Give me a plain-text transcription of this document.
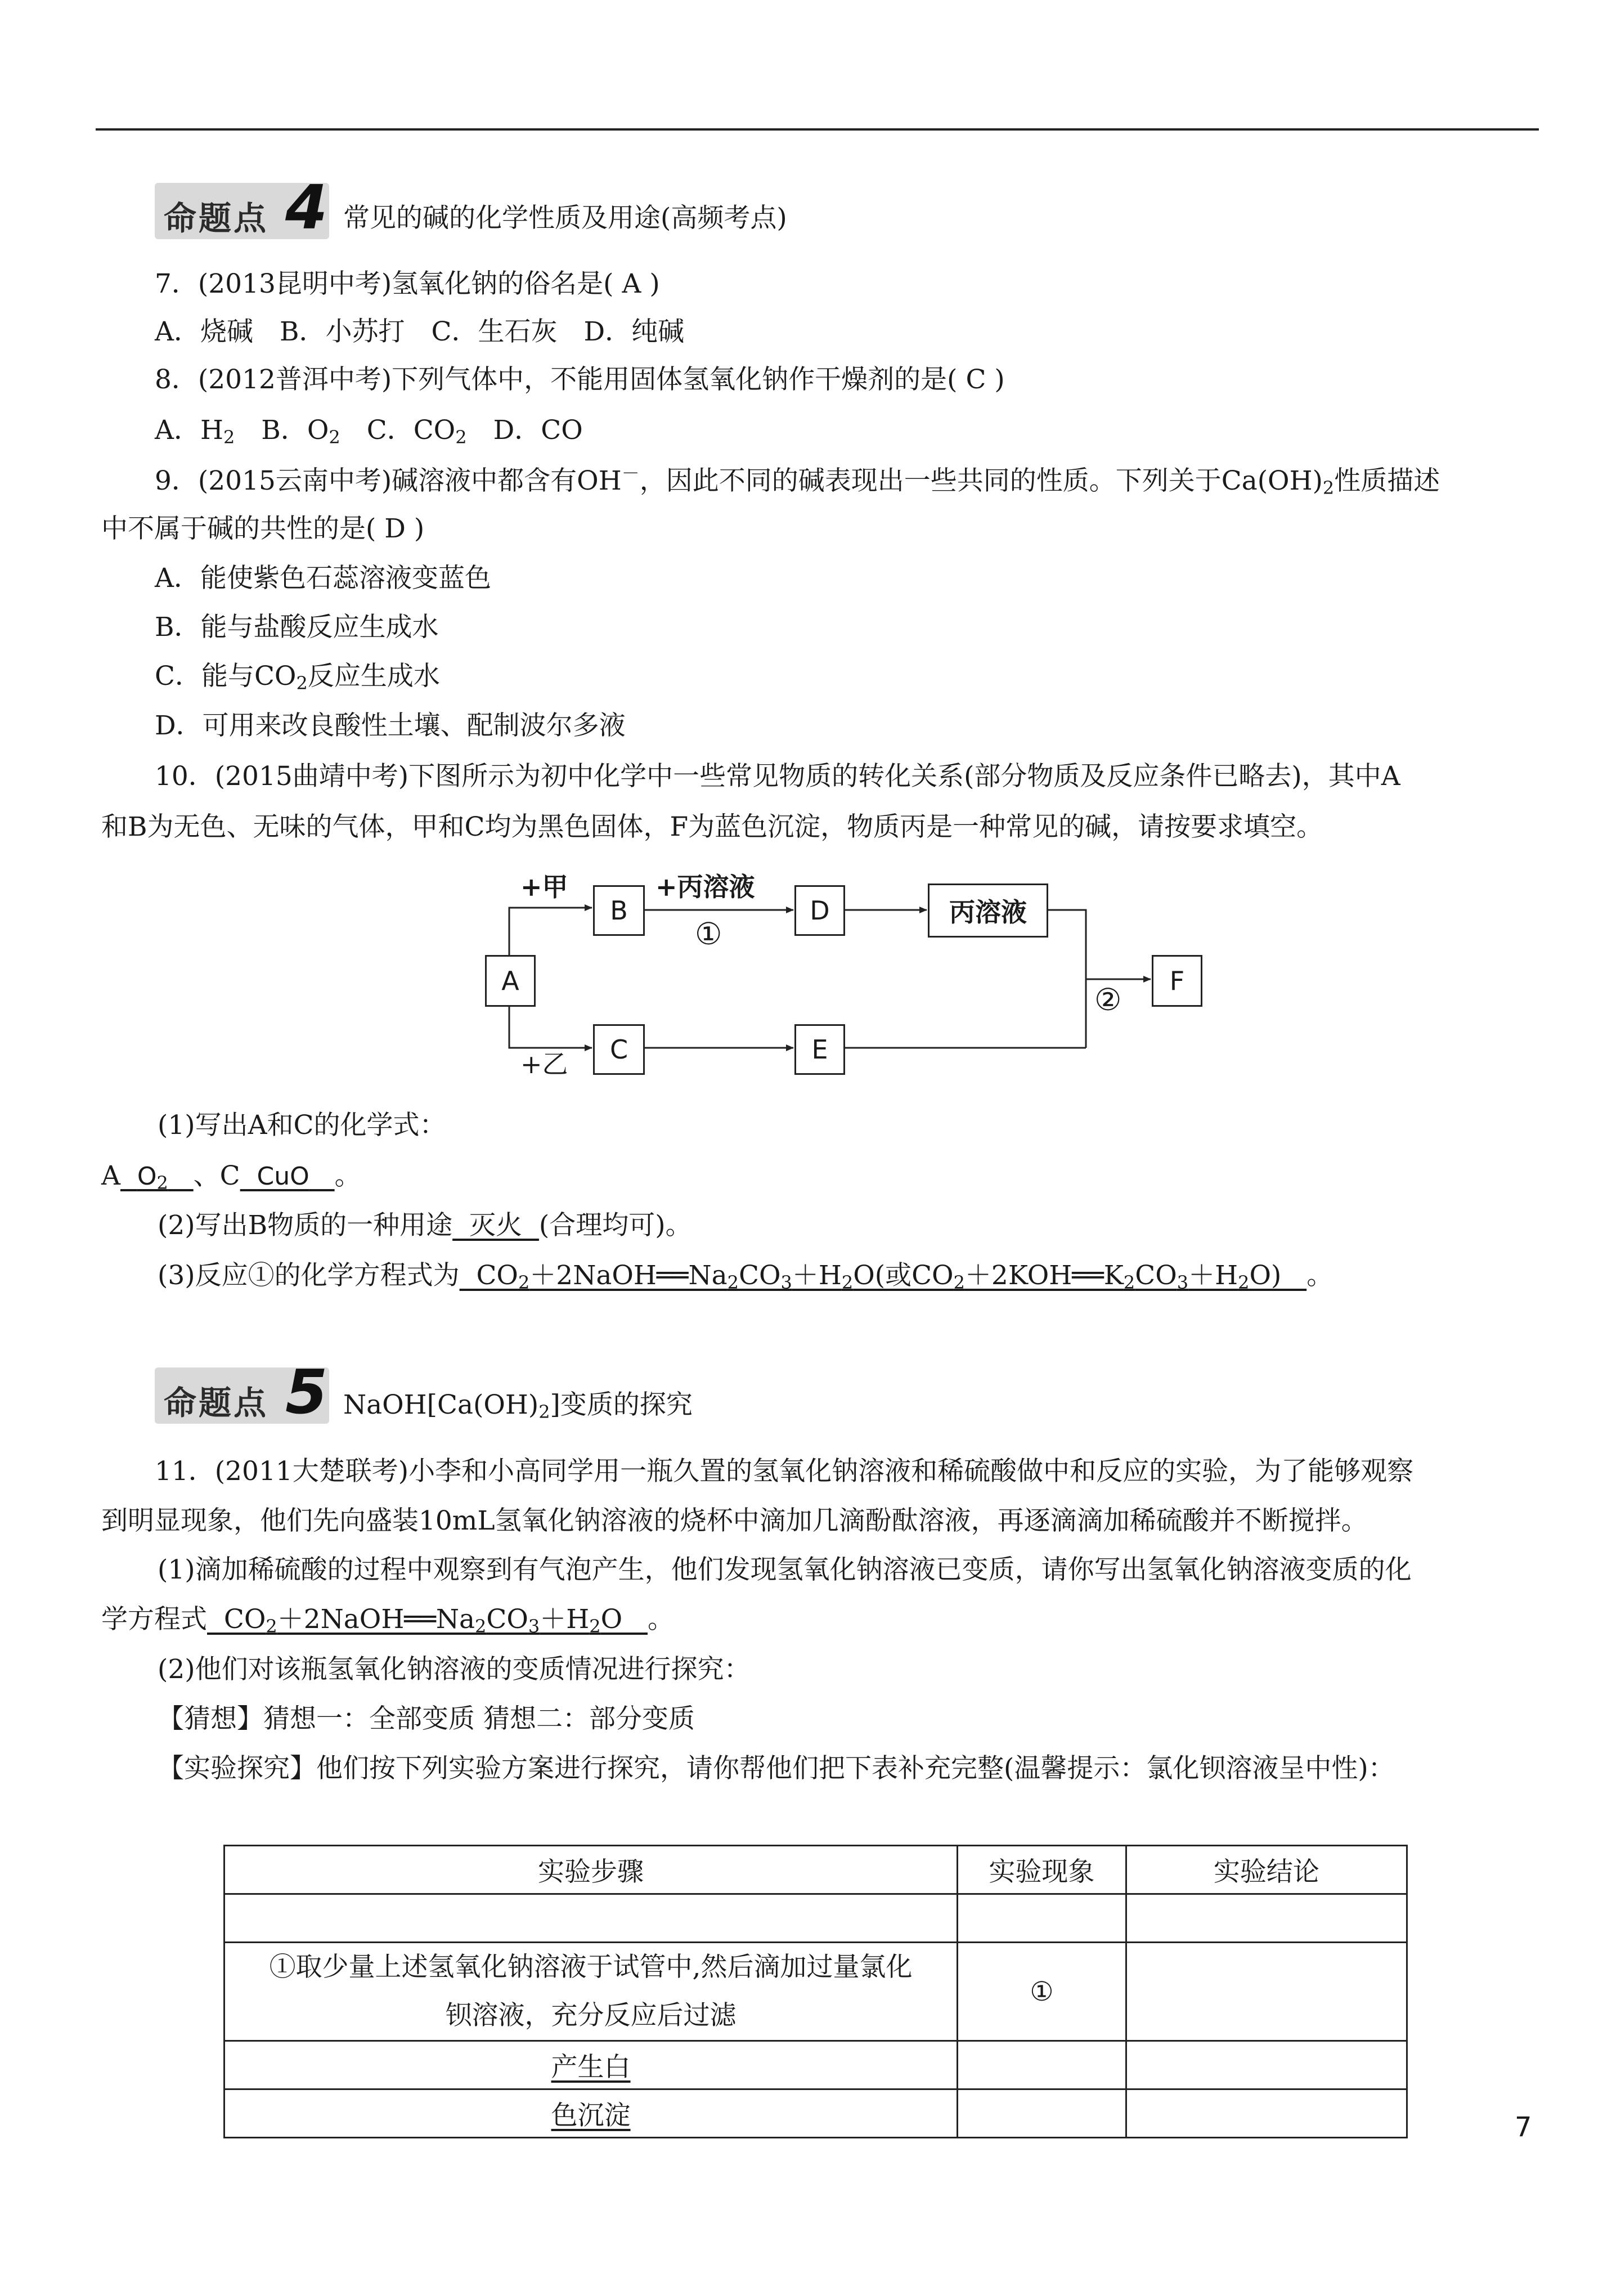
命题点 4 常见的碱的化学性质及用途(高频考点)
7．(2013昆明中考)氢氧化钠的俗名是( A )
A．烧碱　B．小苏打　C．生石灰　D．纯碱
8．(2012普洱中考)下列气体中，不能用固体氢氧化钠作干燥剂的是( C )
A．$H_2$　 B．$O_2$　 C．$CO_2$　 D．CO
9．(2015云南中考)碱溶液中都含有OH－，因此不同的碱表现出一些共同的性质。下列关于$Ca(OH)_2$性质描述
中不属于碱的共性的是( D )
A．能使紫色石蕊溶液变蓝色
B．能与盐酸反应生成水
C．能与$CO_2$反应生成水
D．可用来改良酸性土壤、配制波尔多液
10．(2015曲靖中考)下图所示为初中化学中一些常见物质的转化关系(部分物质及反应条件已略去)，其中A
和B为无色、无味的气体，甲和C均为黑色固体，F为蓝色沉淀，物质丙是一种常见的碱，请按要求填空。
A
B	D	丙溶液
C	E
F
+甲	+丙溶液
①
+乙
②
(1)写出A和C的化学式：
A $O_2$ 、C CuO 。
(2)写出B物质的一种用途 灭火 (合理均可)。
(3)反应①的化学方程式为  $CO_2+2NaOH══Na_2CO_3+H_2O$(或$CO_2+2KOH══K_2CO_3+H_2O$)   。
命题点 5 $NaOH[Ca(OH)_2]$变质的探究
11．(2011大楚联考)小李和小高同学用一瓶久置的氢氧化钠溶液和稀硫酸做中和反应的实验，为了能够观察
到明显现象，他们先向盛装10mL氢氧化钠溶液的烧杯中滴加几滴酚酞溶液，再逐滴滴加稀硫酸并不断搅拌。
(1)滴加稀硫酸的过程中观察到有气泡产生，他们发现氢氧化钠溶液已变质，请你写出氢氧化钠溶液变质的化
学方程式  $CO_2+2NaOH══Na_2CO_3+H_2O$   。
(2)他们对该瓶氢氧化钠溶液的变质情况进行探究：
【猜想】猜想一：全部变质 猜想二：部分变质
【实验探究】他们按下列实验方案进行探究，请你帮他们把下表补充完整(温馨提示：氯化钡溶液呈中性)：
实验步骤	实验现象	实验结论

①取少量上述氢氧化钠溶液于试管中,然后滴加过量氯化
钡溶液，充分反应后过滤	①	
产生白		
色沉淀			7
